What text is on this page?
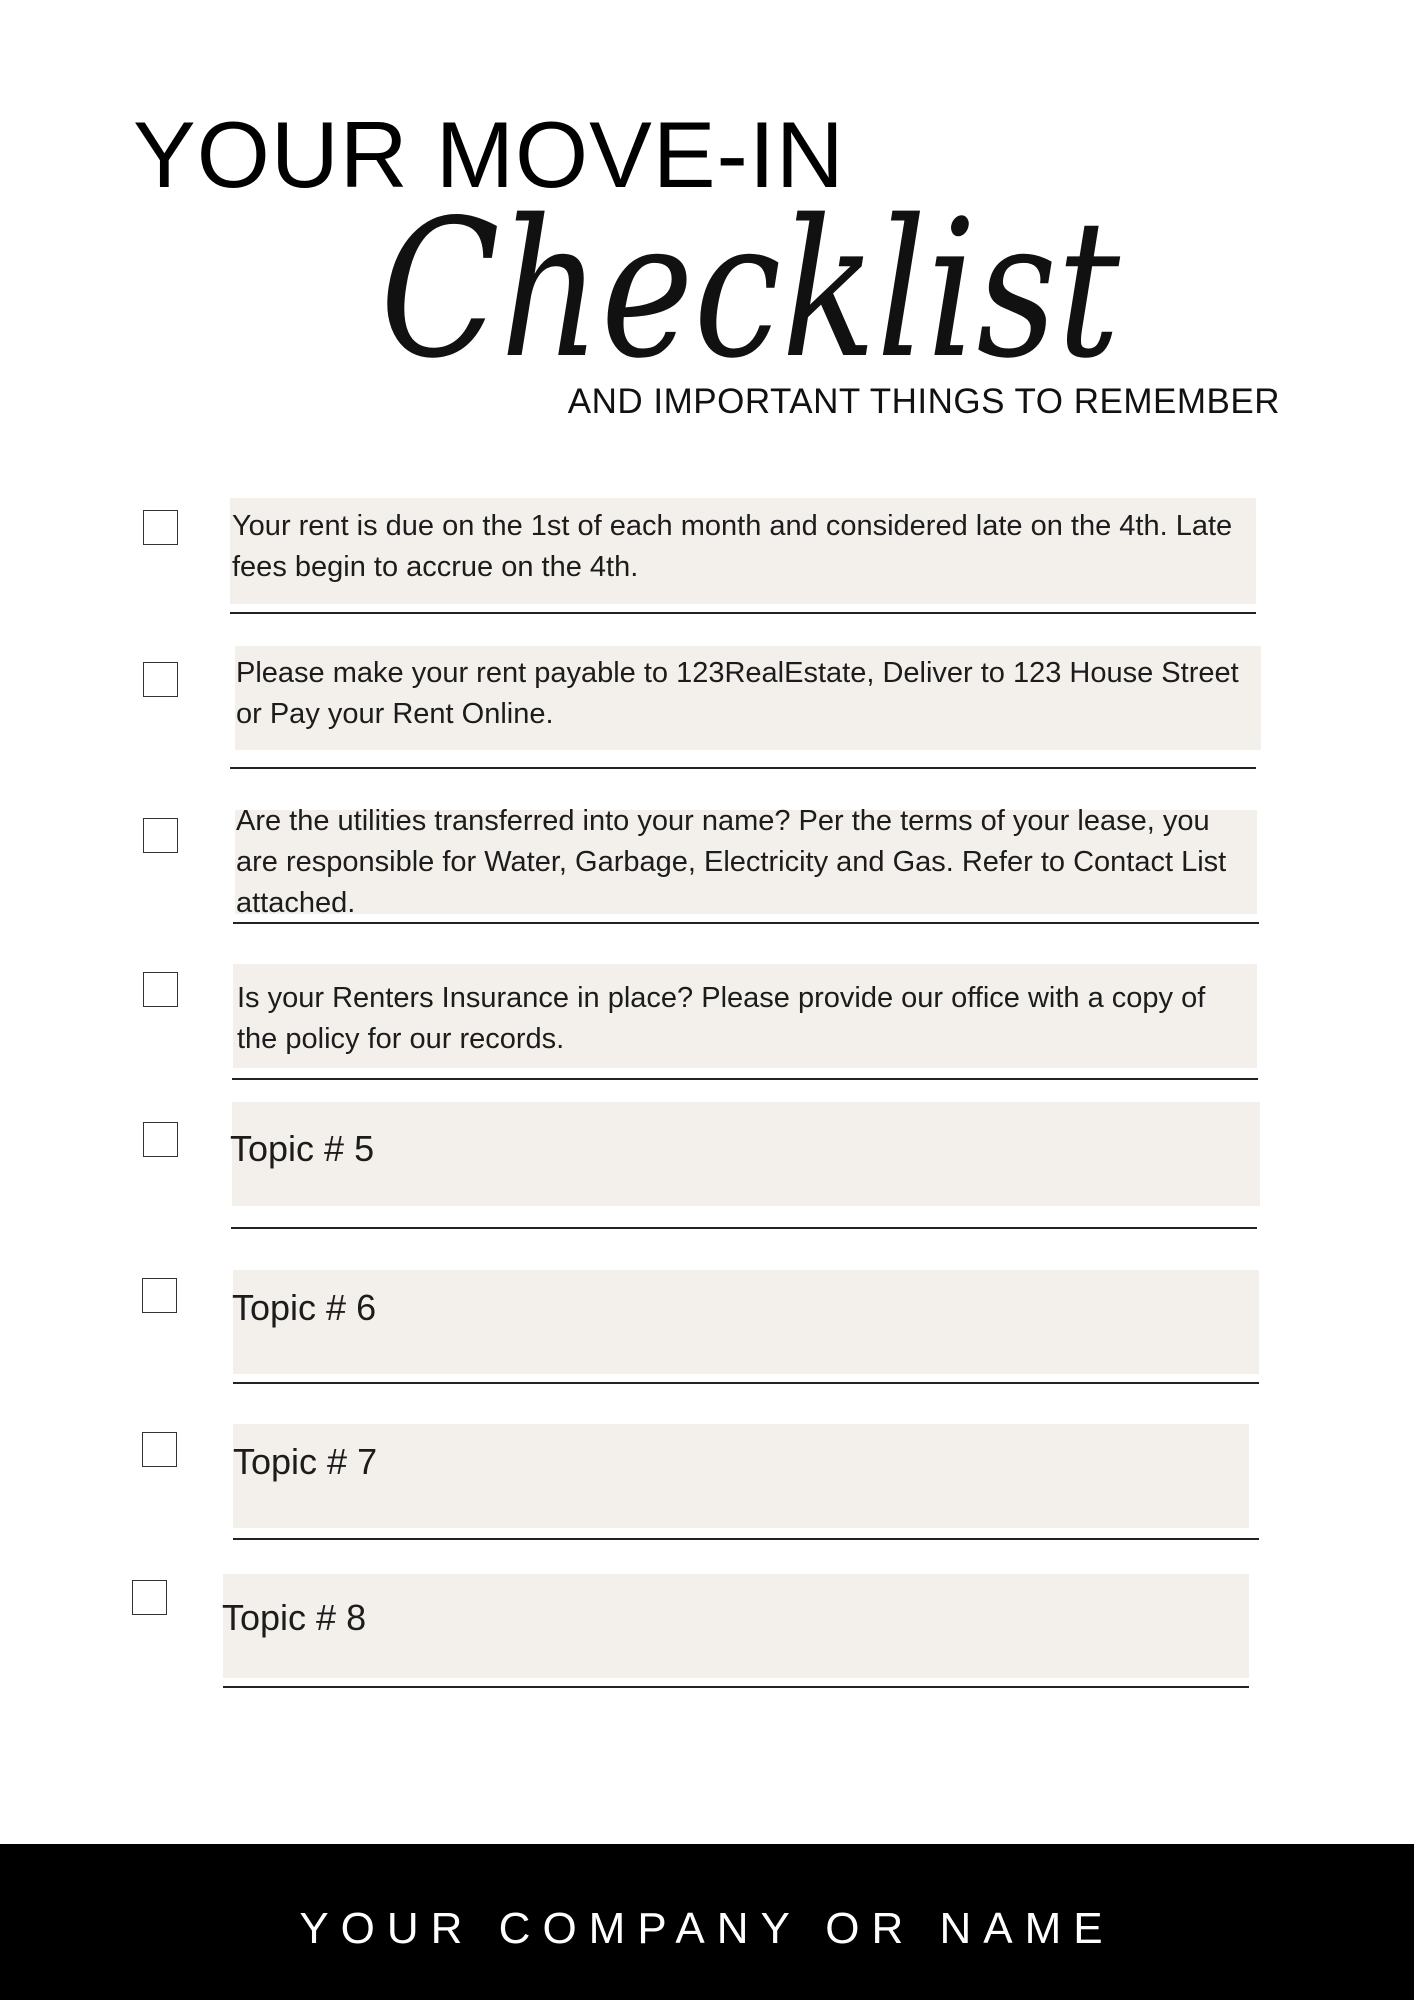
YOUR MOVE-IN
Checklist

AND IMPORTANT THINGS TO REMEMBER

Your rent is due on the 1st of each month and considered late on the 4th. Late fees begin to accrue on the 4th.

Please make your rent payable to 123RealEstate, Deliver to 123 House Street or Pay your Rent Online.

Are the utilities transferred into your name? Per the terms of your lease, you are responsible for Water, Garbage, Electricity and Gas. Refer to Contact List attached.

Is your Renters Insurance in place? Please provide our office with a copy of the policy for our records.

Topic # 5

Topic # 6

Topic # 7

Topic # 8

YOUR COMPANY OR NAME
